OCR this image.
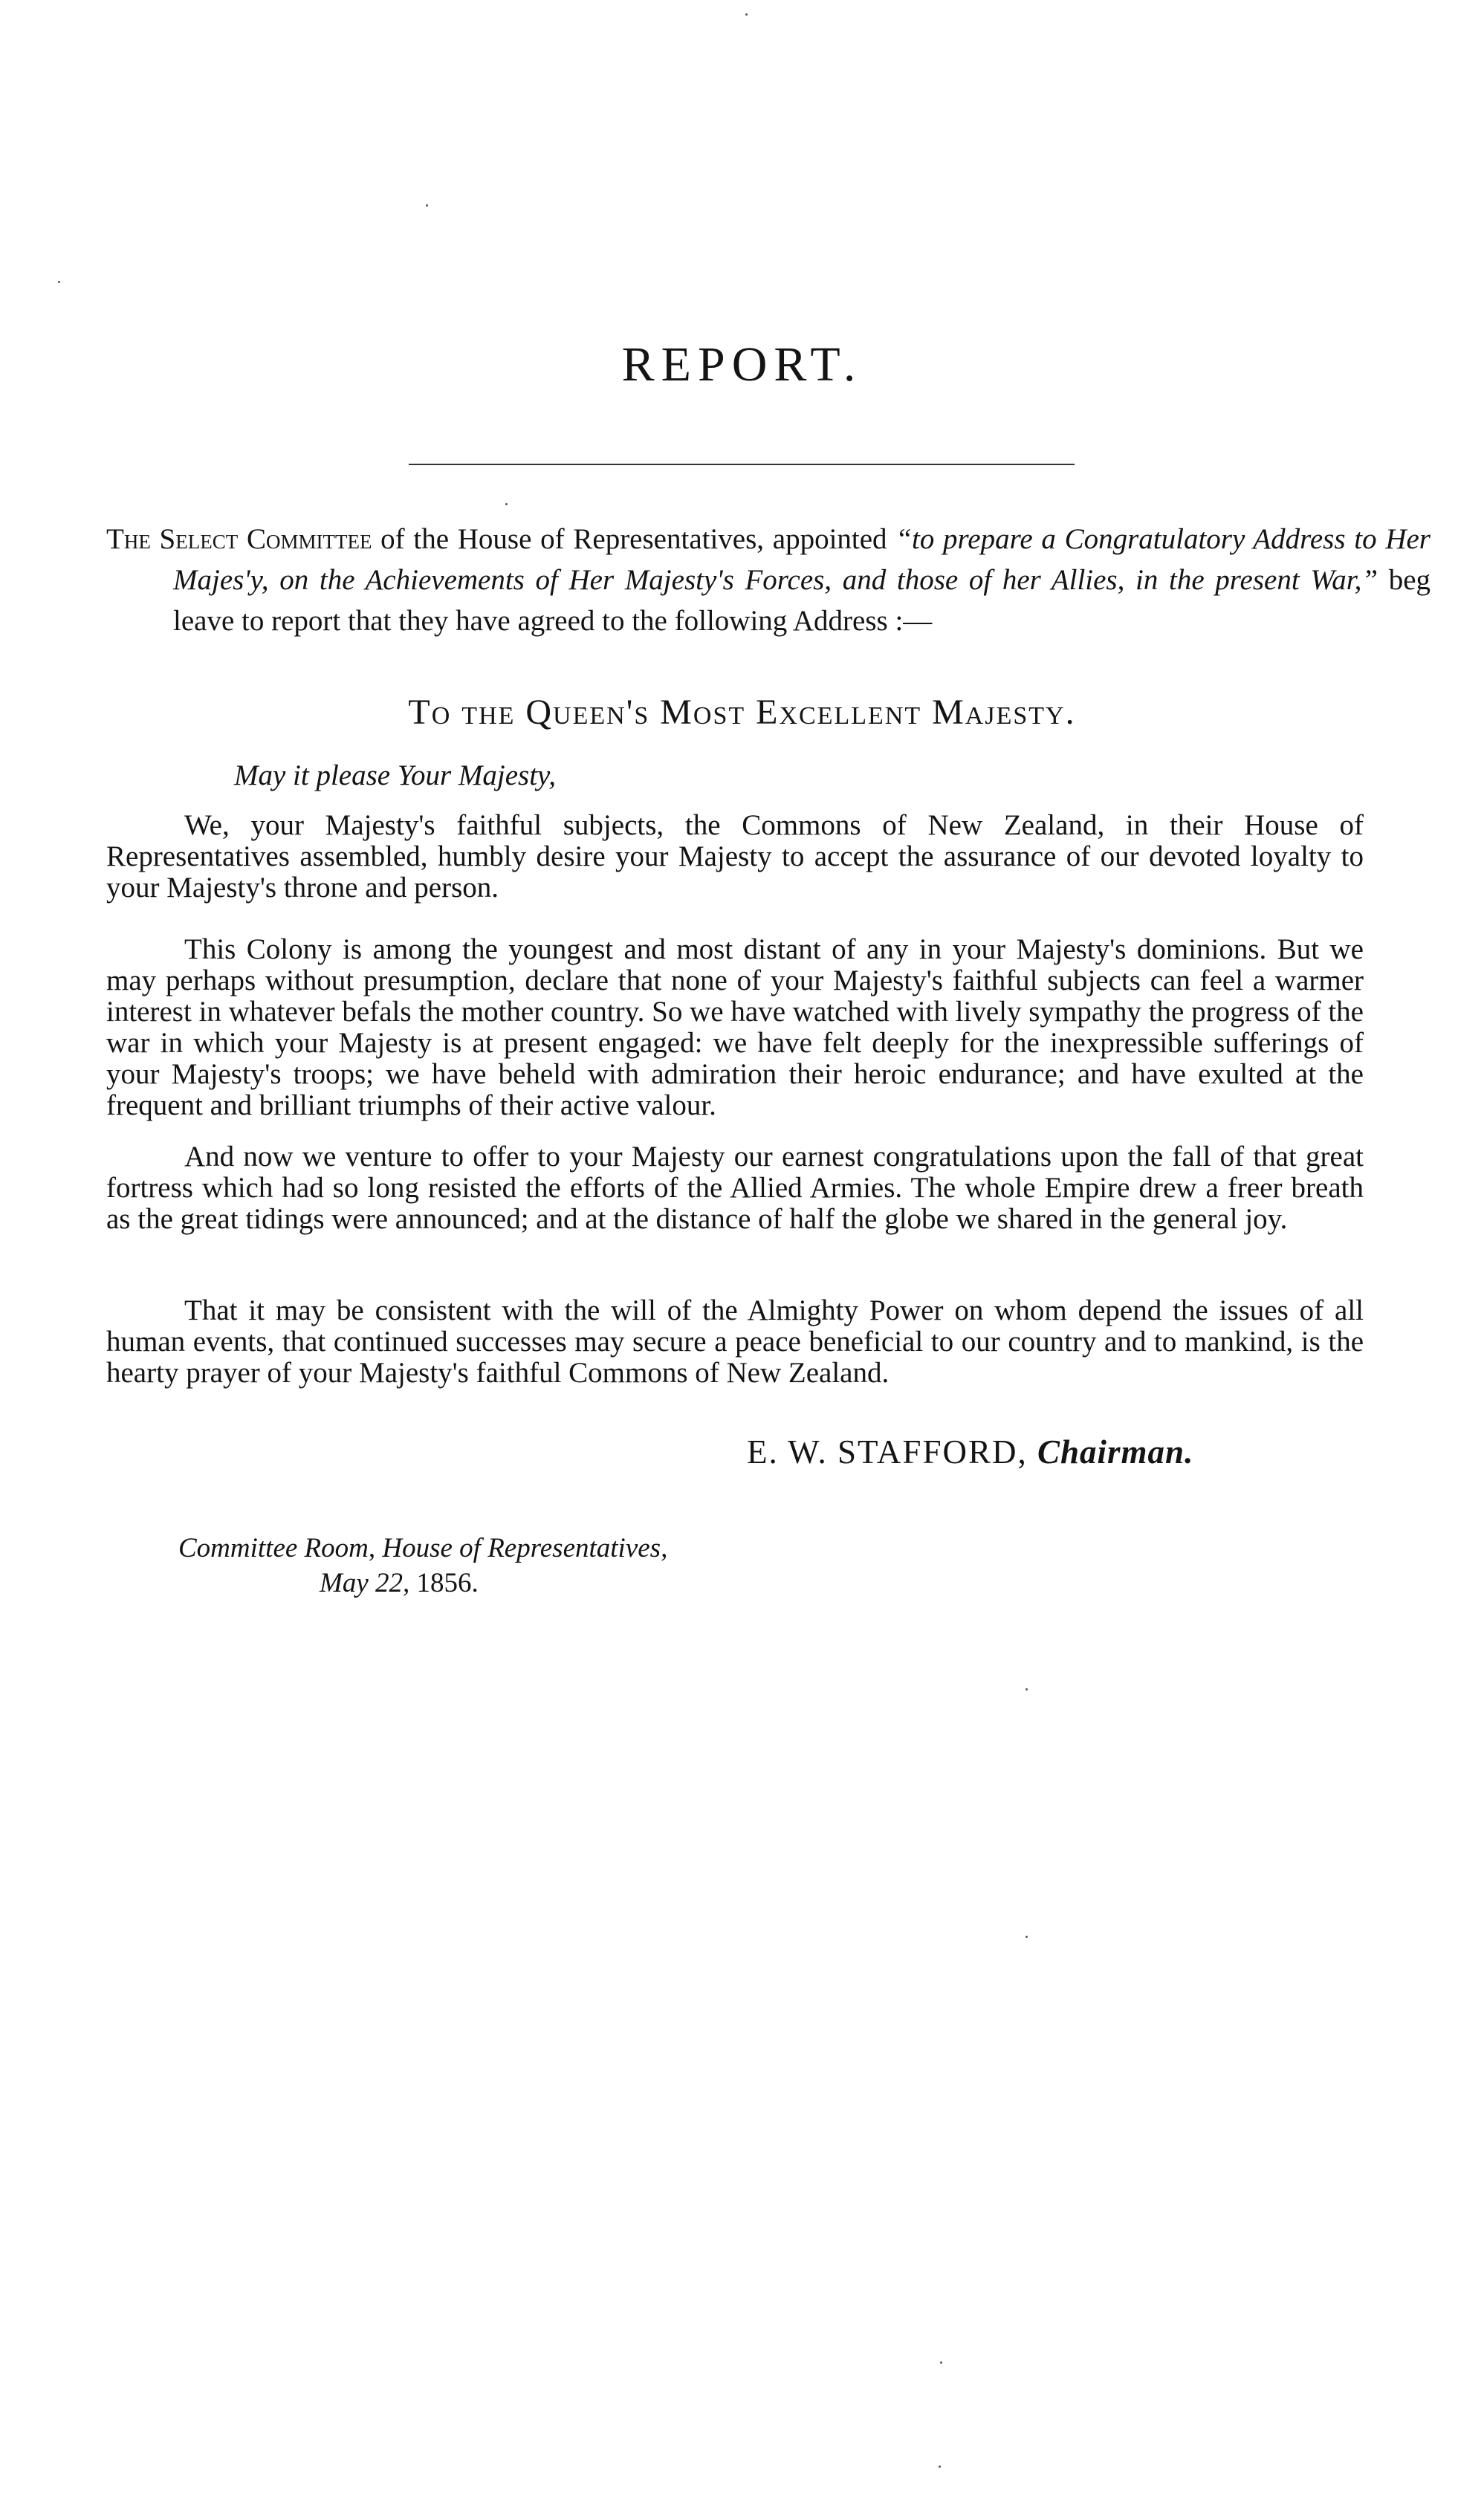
REPORT.
The Select Committee of the House of Representatives, appointed “to prepare a Congratulatory Address to Her Majes'y, on the Achievements of Her Majesty's Forces, and those of her Allies, in the present War,” beg leave to report that they have agreed to the following Address :—
To the Queen's Most Excellent Majesty.
May it please Your Majesty,

We, your Majesty's faithful subjects, the Commons of New Zealand, in their House of Representatives assembled, humbly desire your Majesty to accept the assurance of our devoted loyalty to your Majesty's throne and person.

This Colony is among the youngest and most distant of any in your Majesty's dominions. But we may perhaps without presumption, declare that none of your Majesty's faithful subjects can feel a warmer interest in whatever befals the mother country. So we have watched with lively sympathy the progress of the war in which your Majesty is at present engaged: we have felt deeply for the inexpressible sufferings of your Majesty's troops; we have beheld with admiration their heroic endurance; and have exulted at the frequent and brilliant triumphs of their active valour.

And now we venture to offer to your Majesty our earnest congratulations upon the fall of that great fortress which had so long resisted the efforts of the Allied Armies. The whole Empire drew a freer breath as the great tidings were announced; and at the distance of half the globe we shared in the general joy.

That it may be consistent with the will of the Almighty Power on whom depend the issues of all human events, that continued successes may secure a peace beneficial to our country and to mankind, is the hearty prayer of your Majesty's faithful Commons of New Zealand.

E. W. STAFFORD, Chairman.
Committee Room, House of Representatives,
May 22, 1856.
